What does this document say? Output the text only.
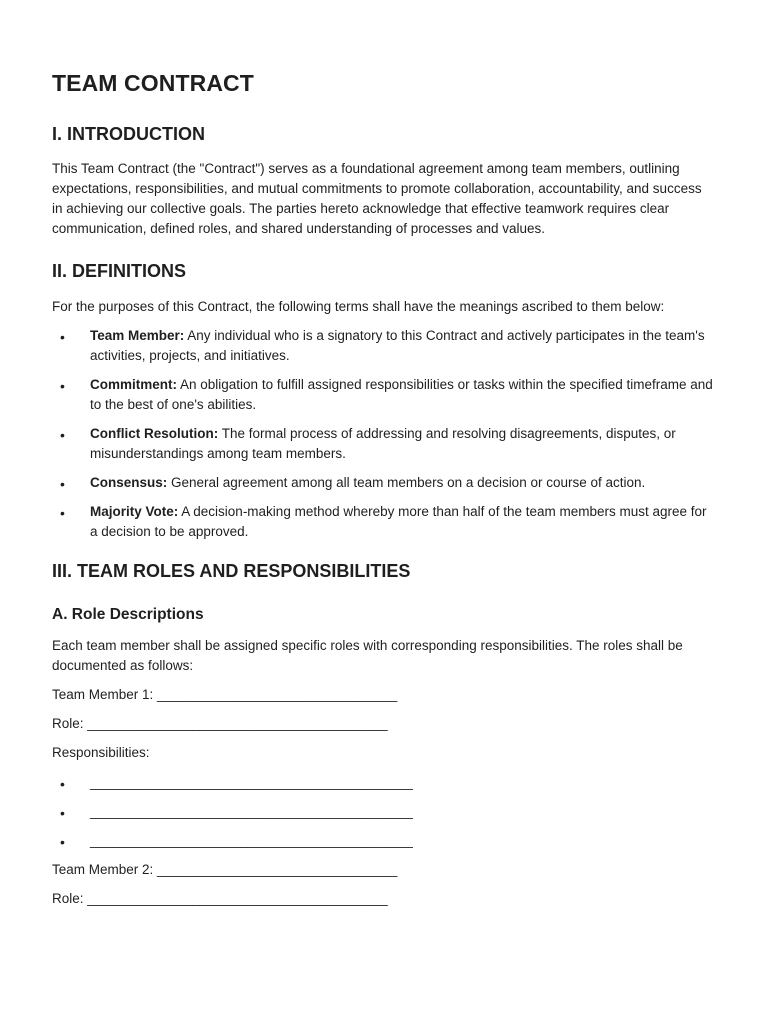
TEAM CONTRACT
I. INTRODUCTION

This Team Contract (the "Contract") serves as a foundational agreement among team members, outlining expectations, responsibilities, and mutual commitments to promote collaboration, accountability, and success in achieving our collective goals. The parties hereto acknowledge that effective teamwork requires clear communication, defined roles, and shared understanding of processes and values.

II. DEFINITIONS

For the purposes of this Contract, the following terms shall have the meanings ascribed to them below:

• Team Member: Any individual who is a signatory to this Contract and actively participates in the team's activities, projects, and initiatives.
• Commitment: An obligation to fulfill assigned responsibilities or tasks within the specified timeframe and to the best of one's abilities.
• Conflict Resolution: The formal process of addressing and resolving disagreements, disputes, or misunderstandings among team members.
• Consensus: General agreement among all team members on a decision or course of action.
• Majority Vote: A decision-making method whereby more than half of the team members must agree for a decision to be approved.
III. TEAM ROLES AND RESPONSIBILITIES
A. Role Descriptions

Each team member shall be assigned specific roles with corresponding responsibilities. The roles shall be documented as follows:

Team Member 1: ________________________________

Role: ________________________________________

Responsibilities:

• ___________________________________________
• ___________________________________________
• ___________________________________________

Team Member 2: ________________________________

Role: ________________________________________
